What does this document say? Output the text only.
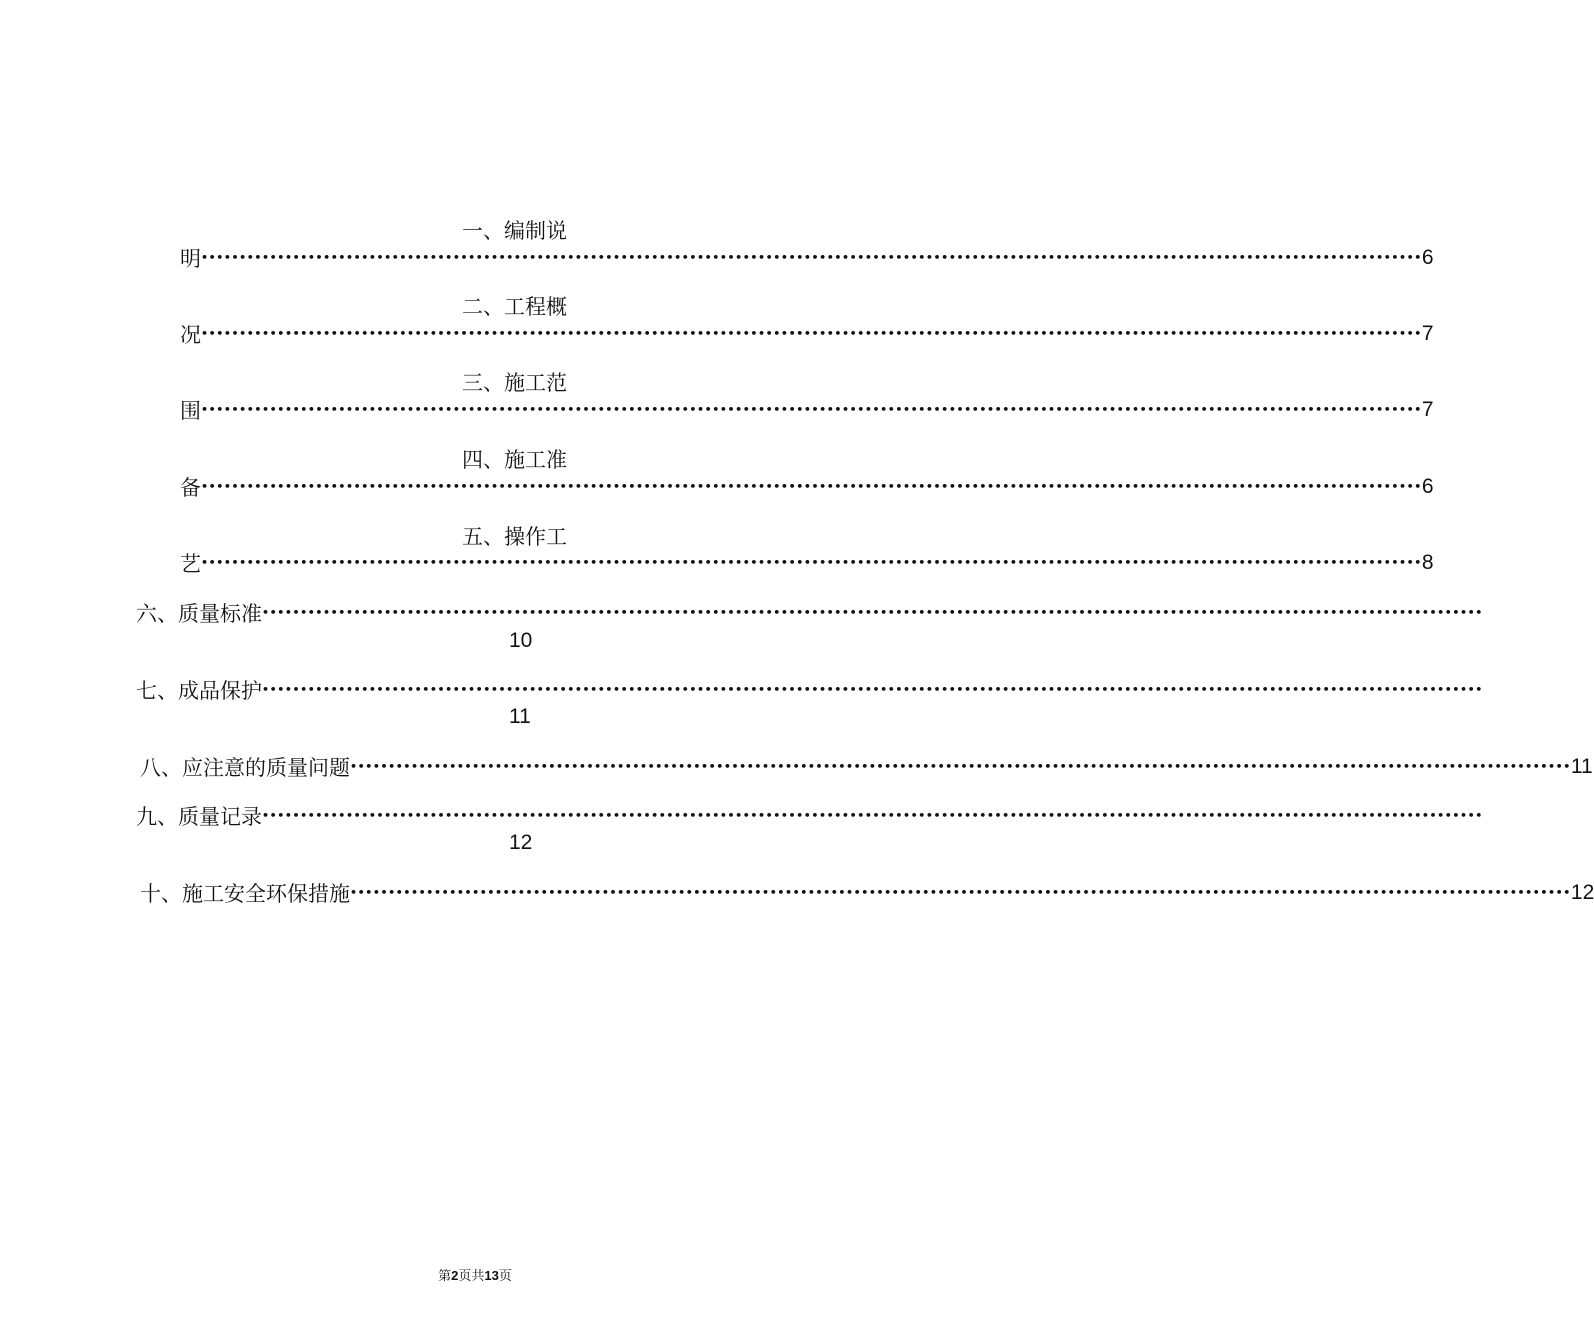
一、编制说
明 •••••••••••••••••••••••••••••••••••••••••••••••••••••••••••••••••••••••••••••••••••••••••••••••••••••••••••••••••••••••••••••••••••••••••••••••••••••••••••••••• 6
二、工程概
况 •••••••••••••••••••••••••••••••••••••••••••••••••••••••••••••••••••••••••••••••••••••••••••••••••••••••••••••••••••••••••••••••••••••••••••••••••••••••••••••••• 7
三、施工范
围 •••••••••••••••••••••••••••••••••••••••••••••••••••••••••••••••••••••••••••••••••••••••••••••••••••••••••••••••••••••••••••••••••••••••••••••••••••••••••••••••• 7
四、施工准
备 •••••••••••••••••••••••••••••••••••••••••••••••••••••••••••••••••••••••••••••••••••••••••••••••••••••••••••••••••••••••••••••••••••••••••••••••••••••••••••••••• 6
五、操作工
艺 •••••••••••••••••••••••••••••••••••••••••••••••••••••••••••••••••••••••••••••••••••••••••••••••••••••••••••••••••••••••••••••••••••••••••••••••••••••••••••••••• 8
六、质量标准 ••••••••••••••••••••••••••••••••••••••••••••••••••••••••••••••••••••••••••••••••••••••••••••••••••••••••••••••••••••••••••••••••••••••••••••••••••••••••••••••••
10
七、成品保护 ••••••••••••••••••••••••••••••••••••••••••••••••••••••••••••••••••••••••••••••••••••••••••••••••••••••••••••••••••••••••••••••••••••••••••••••••••••••••••••••••
11
八、应注意的质量问题 •••••••••••••••••••••••••••••••••••••••••••••••••••••••••••••••••••••••••••••••••••••••••••••••••••••••••••••••••••••••••••••••••••••••••••••••••••••••••••••••• 11
九、质量记录 ••••••••••••••••••••••••••••••••••••••••••••••••••••••••••••••••••••••••••••••••••••••••••••••••••••••••••••••••••••••••••••••••••••••••••••••••••••••••••••••••
12
十、施工安全环保措施 •••••••••••••••••••••••••••••••••••••••••••••••••••••••••••••••••••••••••••••••••••••••••••••••••••••••••••••••••••••••••••••••••••••••••••••••••••••••••••••••• 12
第2页共13页
